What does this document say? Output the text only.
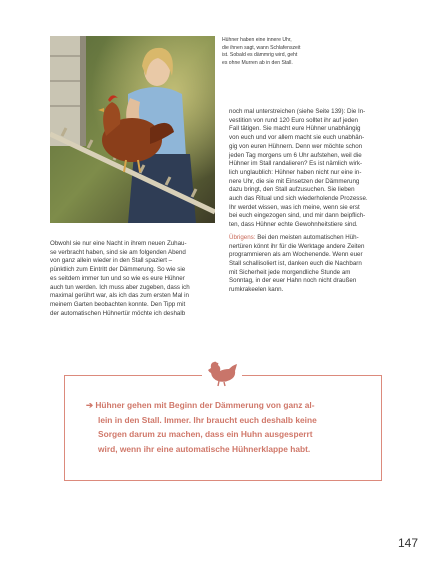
Hühner haben eine innere Uhr,
die ihnen sagt, wann Schlafenszeit
ist. Sobald es dämmrig wird, geht
es ohne Murren ab in den Stall.
Obwohl sie nur eine Nacht in ihrem neuen Zuhau-
se verbracht haben, sind sie am folgenden Abend
von ganz allein wieder in den Stall spaziert –
pünktlich zum Eintritt der Dämmerung. So wie sie
es seitdem immer tun und so wie es eure Hühner
auch tun werden. Ich muss aber zugeben, dass ich
maximal gerührt war, als ich das zum ersten Mal in
meinem Garten beobachten konnte. Den Tipp mit
der automatischen Hühnertür möchte ich deshalb
noch mal unterstreichen (siehe Seite 139): Die In-
vestition von rund 120 Euro solltet ihr auf jeden
Fall tätigen. Sie macht eure Hühner unabhängig
von euch und vor allem macht sie euch unabhän-
gig von euren Hühnern. Denn wer möchte schon
jeden Tag morgens um 6 Uhr aufstehen, weil die
Hühner im Stall randalieren? Es ist nämlich wirk-
lich unglaublich: Hühner haben nicht nur eine in-
nere Uhr, die sie mit Einsetzen der Dämmerung
dazu bringt, den Stall aufzusuchen. Sie lieben
auch das Ritual und sich wiederholende Prozesse.
Ihr werdet wissen, was ich meine, wenn sie erst
bei euch eingezogen sind, und mir dann beipflich-
ten, dass Hühner echte Gewohnheitstiere sind.
Übrigens: Bei den meisten automatischen Hüh-
nertüren könnt ihr für die Werktage andere Zeiten
programmieren als am Wochenende. Wenn euer
Stall schallisoliert ist, danken euch die Nachbarn
mit Sicherheit jede morgendliche Stunde am
Sonntag, in der euer Hahn noch nicht draußen
rumkrakeelen kann.
➔ Hühner gehen mit Beginn der Dämmerung von ganz al-
lein in den Stall. Immer. Ihr braucht euch deshalb keine
Sorgen darum zu machen, dass ein Huhn ausgesperrt
wird, wenn ihr eine automatische Hühnerklappe habt.
147
